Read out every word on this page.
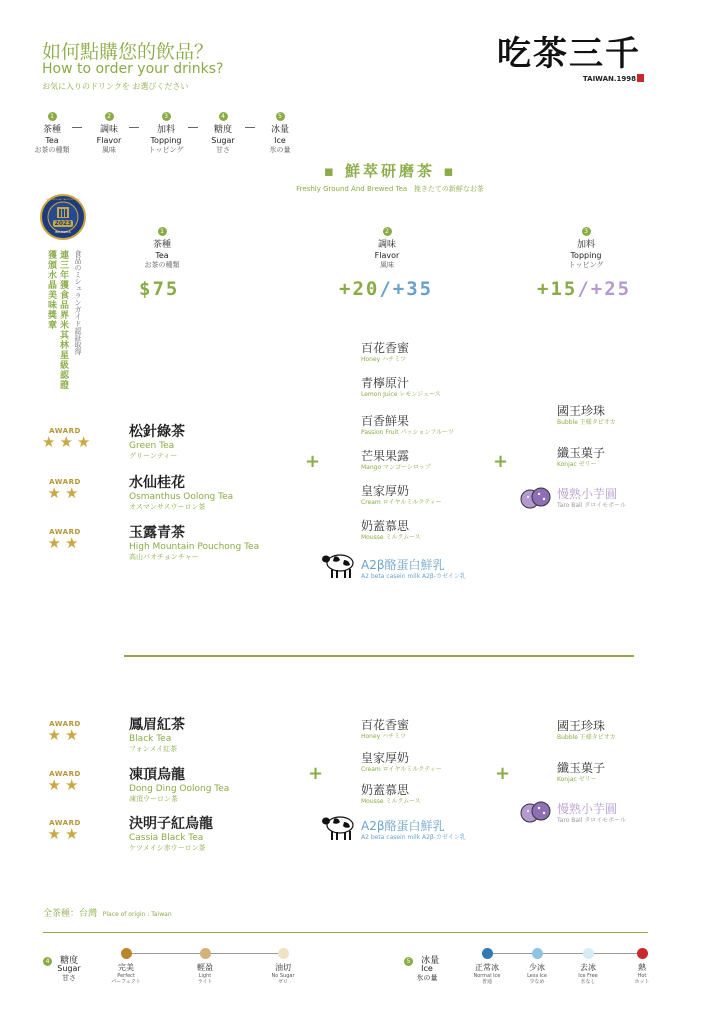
如何點購您的飲品？
How to order your drinks?
お気に入りのドリンクを お選びください
吃茶三千
TAIWAN.1998
1
茶種
Tea
お茶の種類
2
調味
Flavor
風味
3
加料
Topping
トッピング
4
糖度
Sugar
甘さ
5
冰量
Ice
氷の量
▪ 鮮萃研磨茶 ▪
Freshly Ground And Brewed Tea 挽きたての新鮮なお茶
BRUSSELS
2023
INTERNATIONAL TASTE INSTITUTE
連三年獲食品界米其林星級認證
獲頒水晶美味獎章	食品のミシュランガイド認証取得
1
茶種
Tea
お茶の種類
2
調味
Flavor
風味
3
加料
Topping
トッピング
$75	+20/+35	+15/+25
AWARD
★★★
松針綠茶
Green Tea
グリーンティー
AWARD
★★
水仙桂花
Osmanthus Oolong Tea
オスマンサスウーロン茶
AWARD
★★
玉露青茶
High Mountain Pouchong Tea
高山パオチョンチャー
+
百花香蜜
Honey ハチミツ
青檸原汁
Lemon Juice レモンジュース
百香鮮果
Passion Fruit パッションフルーツ
芒果果露
Mango マンゴーシロップ
皇家厚奶
Cream ロイヤルミルクティー
奶蓋慕思
Mousse ミルクムース
A2β酪蛋白鮮乳
A2 beta casein milk A2β-カゼイン乳
+
國王珍珠
Bubble 王様タピオカ
纖玉菓子
Konjac ゼリー
慢熟小芋圓
Taro Ball タロイモボール
AWARD
★★
鳳眉紅茶
Black Tea
フォンメイ紅茶
AWARD
★★
凍頂烏龍
Dong Ding Oolong Tea
凍頂ウーロン茶
AWARD
★★
決明子紅烏龍
Cassia Black Tea
ケツメイシ赤ウーロン茶
+
百花香蜜
Honey ハチミツ
皇家厚奶
Cream ロイヤルミルクティー
奶蓋慕思
Mousse ミルクムース
A2β酪蛋白鮮乳
A2 beta casein milk A2β-カゼイン乳
+
國王珍珠
Bubble 王様タピオカ
纖玉菓子
Konjac ゼリー
慢熟小芋圓
Taro Ball タロイモボール
全茶種：台灣 Place of origin : Taiwan
4 糖度
Sugar
甘さ
完美
Perfect
パーフェクト
輕盈
Light
ライト
油切
No Sugar
ゼロ
5 冰量
Ice
氷の量
正常冰
Normal Ice
普通
少冰
Less Ice
少なめ
去冰
Ice Free
氷なし
熱
Hot
ホット
